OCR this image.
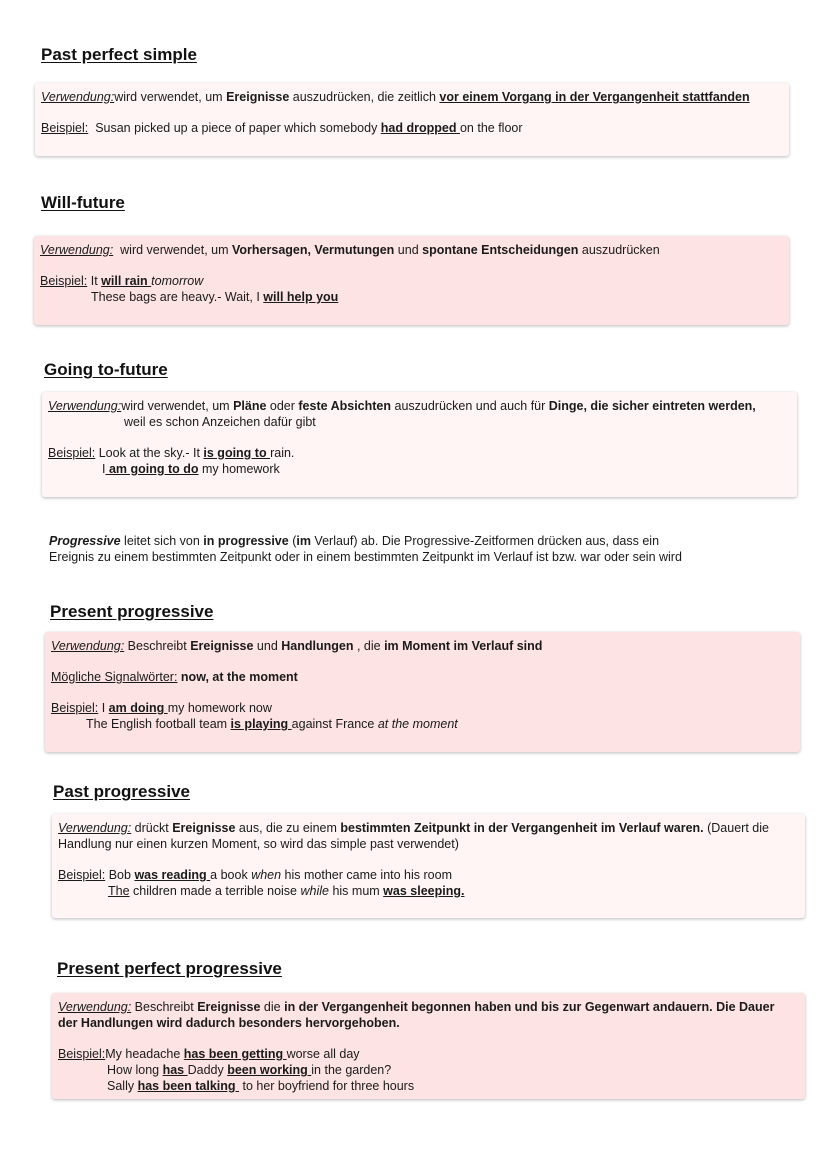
Past perfect simple

Verwendung:wird verwendet, um Ereignisse auszudrücken, die zeitlich vor einem Vorgang in der Vergangenheit stattfanden

Beispiel:  Susan picked up a piece of paper which somebody had dropped on the floor

Will-future

Verwendung:  wird verwendet, um Vorhersagen, Vermutungen und spontane Entscheidungen auszudrücken

Beispiel: It will rain tomorrow

These bags are heavy.- Wait, I will help you

Going to-future

Verwendung:wird verwendet, um Pläne oder feste Absichten auszudrücken und auch für Dinge, die sicher eintreten werden,

weil es schon Anzeichen dafür gibt

Beispiel: Look at the sky.- It is going to rain.

I am going to do my homework

Progressive leitet sich von in progressive (im Verlauf) ab. Die Progressive-Zeitformen drücken aus, dass ein
Ereignis zu einem bestimmten Zeitpunkt oder in einem bestimmten Zeitpunkt im Verlauf ist bzw. war oder sein wird

Present progressive

Verwendung: Beschreibt Ereignisse und Handlungen , die im Moment im Verlauf sind

Mögliche Signalwörter: now, at the moment

Beispiel: I am doing my homework now

The English football team is playing against France at the moment

Past progressive

Verwendung: drückt Ereignisse aus, die zu einem bestimmten Zeitpunkt in der Vergangenheit im Verlauf waren. (Dauert die

Handlung nur einen kurzen Moment, so wird das simple past verwendet)

Beispiel: Bob was reading a book when his mother came into his room

The children made a terrible noise while his mum was sleeping.

Present perfect progressive

Verwendung: Beschreibt Ereignisse die in der Vergangenheit begonnen haben und bis zur Gegenwart andauern. Die Dauer

der Handlungen wird dadurch besonders hervorgehoben.

Beispiel:My headache has been getting worse all day

How long has Daddy been working in the garden?

Sally has been talking  to her boyfriend for three hours
